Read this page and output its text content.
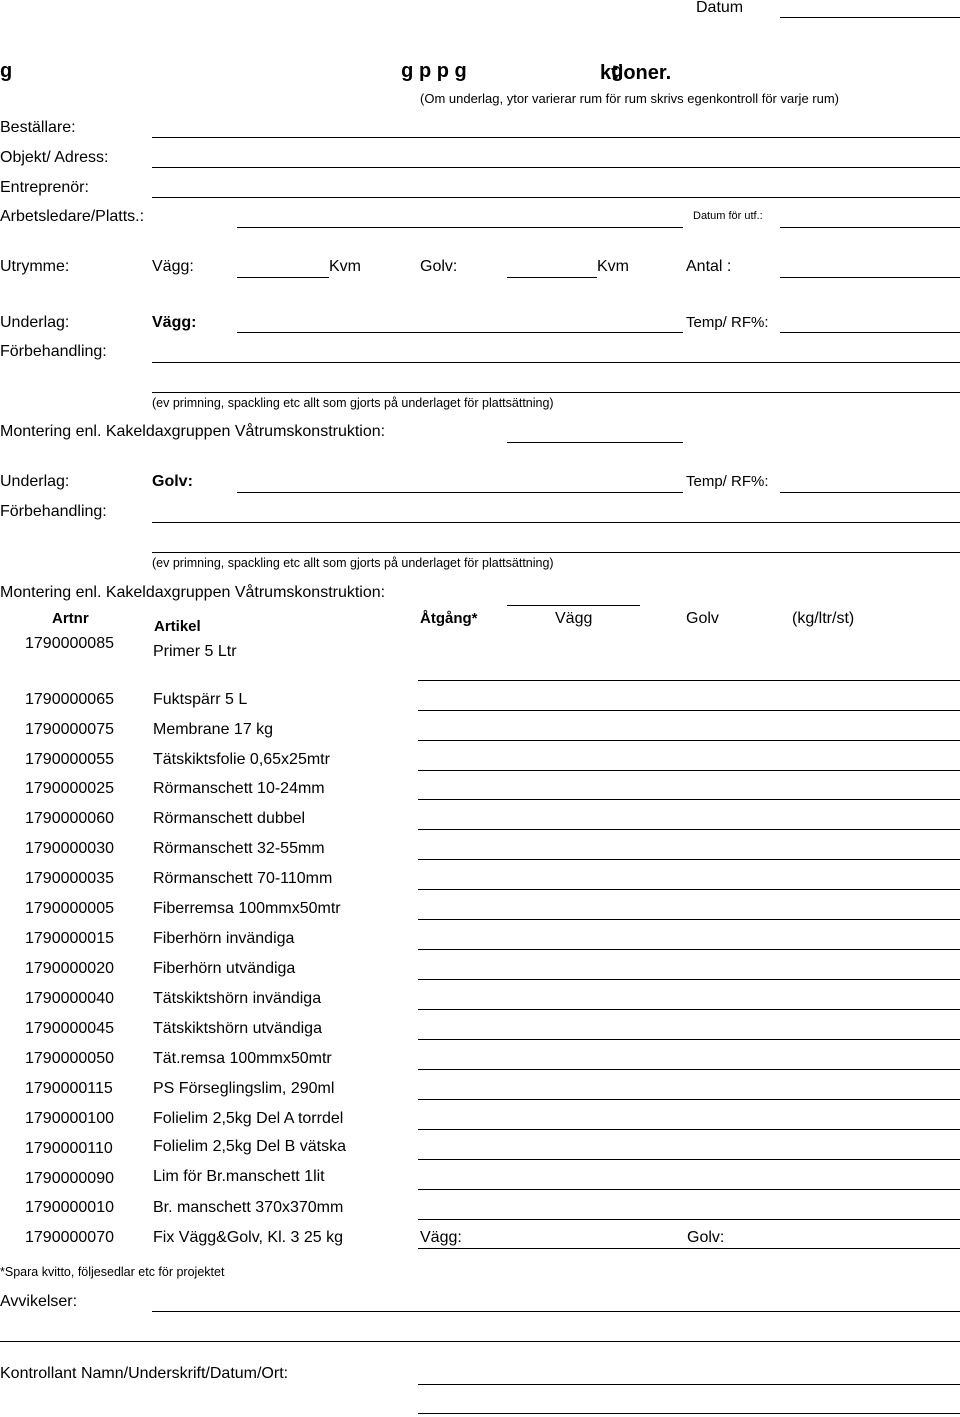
Datum
g                                                                      g p p g                          g
ktioner.
(Om underlag, ytor varierar rum för rum skrivs egenkontroll för varje rum)
Beställare:
Objekt/ Adress:
Entreprenör:
Arbetsledare/Platts.:	Datum för utf.:
Utrymme:	Vägg:	Kvm	Golv:	Kvm	Antal :
Underlag:	Vägg:	Temp/ RF%:
Förbehandling:
(ev primning, spackling etc allt som gjorts på underlaget för plattsättning)
Montering enl. Kakeldaxgruppen Våtrumskonstruktion:
Underlag:	Golv:	Temp/ RF%:
Förbehandling:
(ev primning, spackling etc allt som gjorts på underlaget för plattsättning)
Montering enl. Kakeldaxgruppen Våtrumskonstruktion:
Artnr	Artikel	Åtgång*	Vägg	Golv	(kg/ltr/st)
1790000085 Primer 5 Ltr
1790000065 Fuktspärr 5 L
1790000075 Membrane 17 kg
1790000055 Tätskiktsfolie 0,65x25mtr
1790000025 Rörmanschett 10-24mm
1790000060 Rörmanschett dubbel
1790000030 Rörmanschett 32-55mm
1790000035 Rörmanschett 70-110mm
1790000005 Fiberremsa 100mmx50mtr
1790000015 Fiberhörn invändiga
1790000020 Fiberhörn utvändiga
1790000040 Tätskiktshörn invändiga
1790000045 Tätskiktshörn utvändiga
1790000050 Tät.remsa 100mmx50mtr
1790000115	PS Förseglingslim, 290ml
1790000100 Folielim 2,5kg Del A torrdel
1790000110	Folielim 2,5kg Del B vätska
1790000090 Lim för Br.manschett 1lit
1790000010 Br. manschett 370x370mm
1790000070 Fix Vägg&Golv, Kl. 3 25 kg	Vägg:	Golv:
*Spara kvitto, följesedlar etc för projektet
Avvikelser:
Kontrollant Namn/Underskrift/Datum/Ort:
